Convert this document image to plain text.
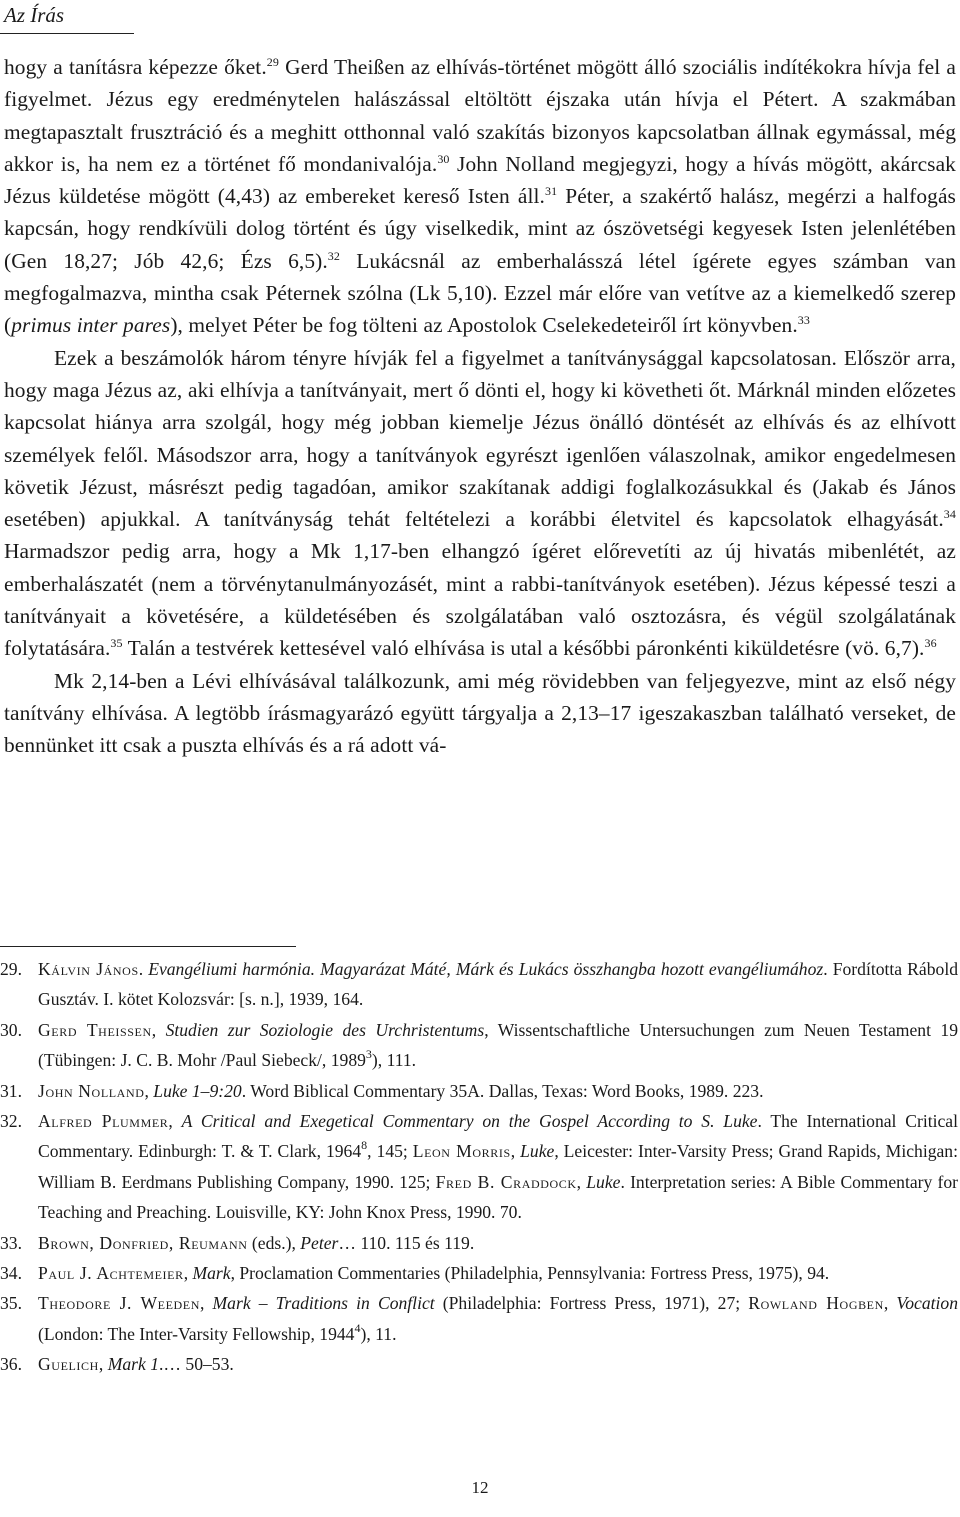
Az Írás

hogy a tanításra képezze őket.$^{29}$ Gerd Theißen az elhívás-történet mögött álló szociális indítékokra hívja fel a figyelmet. Jézus egy eredménytelen halászással eltöltött éjszaka után hívja el Pétert. A szakmában megtapasztalt frusztráció és a meghitt otthonnal való szakítás bizonyos kapcsolatban állnak egymással, még akkor is, ha nem ez a történet fő mondanivalója.$^{30}$ John Nolland megjegyzi, hogy a hívás mögött, akárcsak Jézus küldetése mögött (4,43) az embereket kereső Isten áll.$^{31}$ Péter, a szakértő halász, megérzi a halfogás kapcsán, hogy rendkívüli dolog történt és úgy viselkedik, mint az ószövetségi kegyesek Isten jelenlétében (Gen 18,27; Jób 42,6; Ézs 6,5).$^{32}$ Lukácsnál az emberhalásszá létel ígérete egyes számban van megfogalmazva, mintha csak Péternek szólna (Lk 5,10). Ezzel már előre van vetítve az a kiemelkedő szerep (primus inter pares), melyet Péter be fog tölteni az Apostolok Cselekedeteiről írt könyvben.$^{33}$

Ezek a beszámolók három tényre hívják fel a figyelmet a tanítványsággal kapcsolatosan. Először arra, hogy maga Jézus az, aki elhívja a tanítványait, mert ő dönti el, hogy ki követheti őt. Márknál minden előzetes kapcsolat hiánya arra szolgál, hogy még jobban kiemelje Jézus önálló döntését az elhívás és az elhívott személyek felől. Másodszor arra, hogy a tanítványok egyrészt igenlően válaszolnak, amikor engedelmesen követik Jézust, másrészt pedig tagadóan, amikor szakítanak addigi foglalkozásukkal és (Jakab és János esetében) apjukkal. A tanítványság tehát feltételezi a korábbi életvitel és kapcsolatok elhagyását.$^{34}$ Harmadszor pedig arra, hogy a Mk 1,17-ben elhangzó ígéret előrevetíti az új hivatás mibenlétét, az emberhalászatét (nem a törvénytanulmányozásét, mint a rabbi-tanítványok esetében). Jézus képessé teszi a tanítványait a követésére, a küldetésében és szolgálatában való osztozásra, és végül szolgálatának folytatására.$^{35}$ Talán a testvérek kettesével való elhívása is utal a későbbi páronkénti kiküldetésre (vö. 6,7).$^{36}$

Mk 2,14-ben a Lévi elhívásával találkozunk, ami még rövidebben van feljegyezve, mint az első négy tanítvány elhívása. A legtöbb írásmagyarázó együtt tárgyalja a 2,13–17 igeszakaszban található verseket, de bennünket itt csak a puszta elhívás és a rá adott vá-

29. Kálvin János. Evangéliumi harmónia. Magyarázat Máté, Márk és Lukács összhangba hozott evangéliumához. Fordította Rábold Gusztáv. I. kötet Kolozsvár: [s. n.], 1939, 164.
30. Gerd Theissen, Studien zur Soziologie des Urchristentums, Wissentschaftliche Untersuchungen zum Neuen Testament 19 (Tübingen: J. C. B. Mohr /Paul Siebeck/, 1989$^3$), 111.
31. John Nolland, Luke 1–9:20. Word Biblical Commentary 35A. Dallas, Texas: Word Books, 1989. 223.
32. Alfred Plummer, A Critical and Exegetical Commentary on the Gospel According to S. Luke. The International Critical Commentary. Edinburgh: T. & T. Clark, 1964$^8$, 145; Leon Morris, Luke, Leicester: Inter-Varsity Press; Grand Rapids, Michigan: William B. Eerdmans Publishing Company, 1990. 125; Fred B. Craddock, Luke. Interpretation series: A Bible Commentary for Teaching and Preaching. Louisville, KY: John Knox Press, 1990. 70.
33. Brown, Donfried, Reumann (eds.), Peter… 110. 115 és 119.
34. Paul J. Achtemeier, Mark, Proclamation Commentaries (Philadelphia, Pennsylvania: Fortress Press, 1975), 94.
35. Theodore J. Weeden, Mark – Traditions in Conflict (Philadelphia: Fortress Press, 1971), 27; Rowland Hogben, Vocation (London: The Inter-Varsity Fellowship, 1944$^4$), 11.
36. Guelich, Mark 1.… 50–53.
12
